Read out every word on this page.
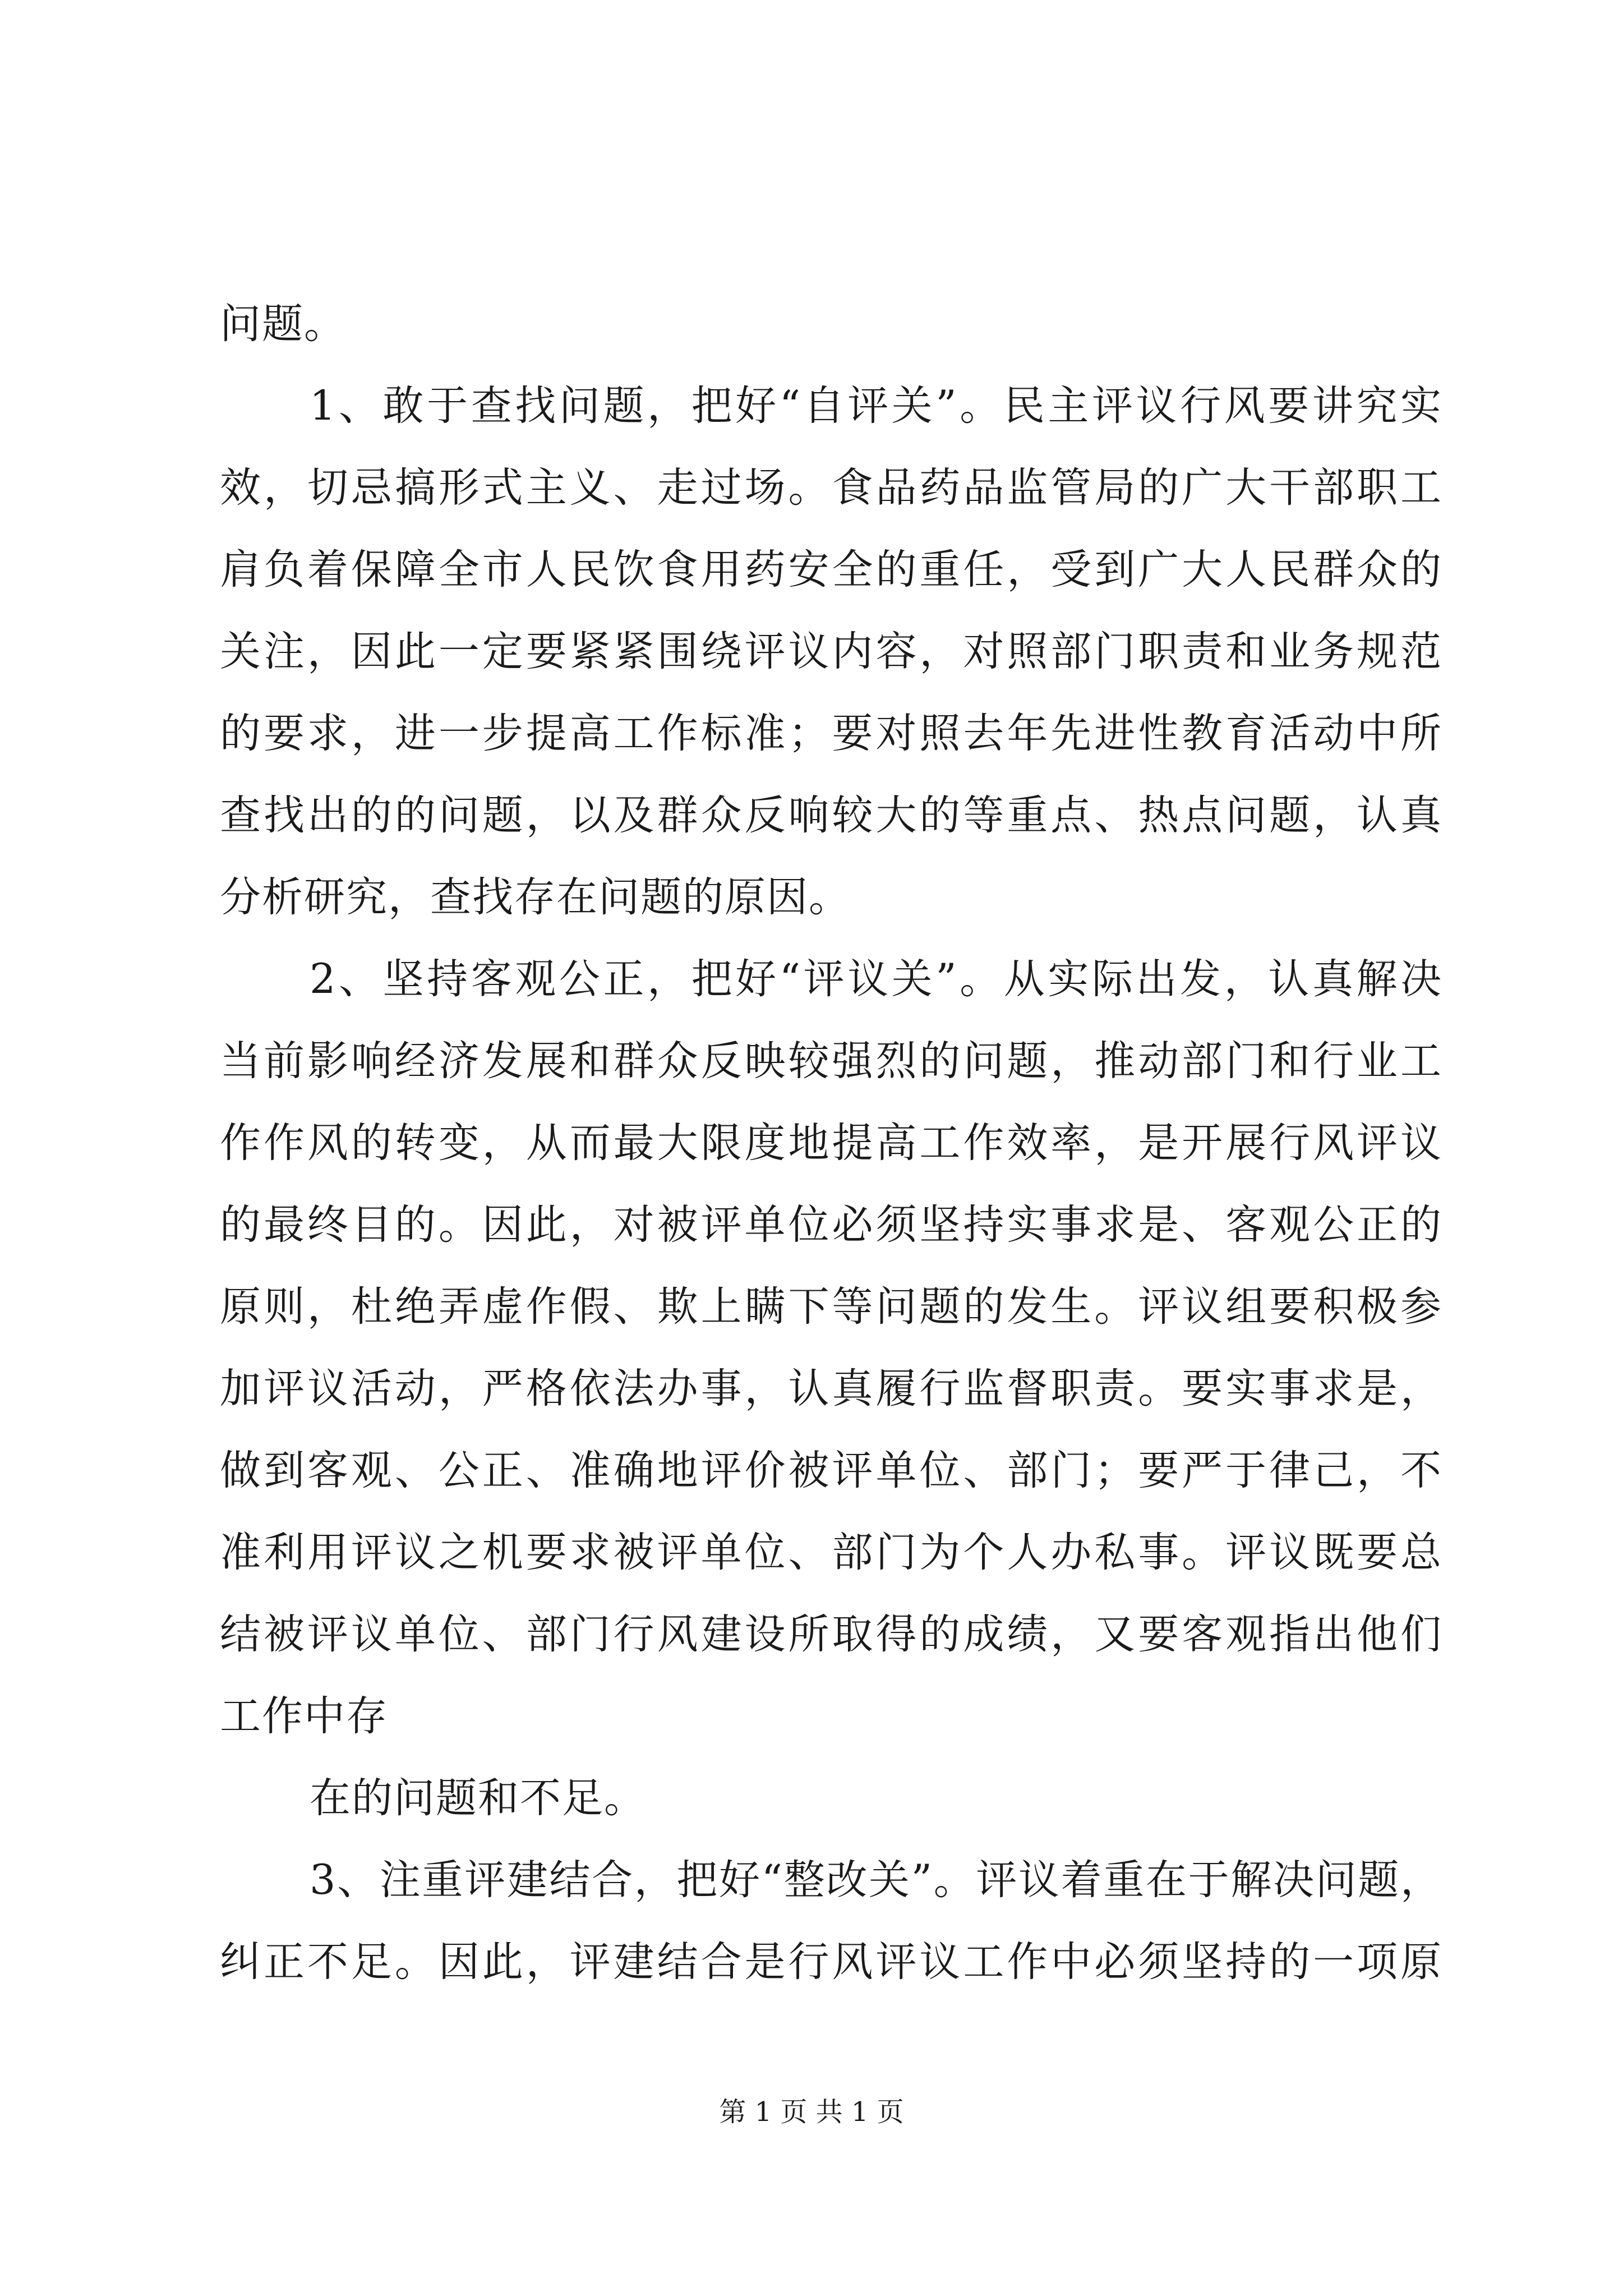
问题。
1、敢于查找问题，把好“自评关”。民主评议行风要讲究实
效，切忌搞形式主义、走过场。食品药品监管局的广大干部职工
肩负着保障全市人民饮食用药安全的重任，受到广大人民群众的
关注，因此一定要紧紧围绕评议内容，对照部门职责和业务规范
的要求，进一步提高工作标准；要对照去年先进性教育活动中所
查找出的的问题，以及群众反响较大的等重点、热点问题，认真
分析研究，查找存在问题的原因。
2、坚持客观公正，把好“评议关”。从实际出发，认真解决
当前影响经济发展和群众反映较强烈的问题，推动部门和行业工
作作风的转变，从而最大限度地提高工作效率，是开展行风评议
的最终目的。因此，对被评单位必须坚持实事求是、客观公正的
原则，杜绝弄虚作假、欺上瞒下等问题的发生。评议组要积极参
加评议活动，严格依法办事，认真履行监督职责。要实事求是，
做到客观、公正、准确地评价被评单位、部门；要严于律己，不
准利用评议之机要求被评单位、部门为个人办私事。评议既要总
结被评议单位、部门行风建设所取得的成绩，又要客观指出他们
工作中存
在的问题和不足。
3、注重评建结合，把好“整改关”。评议着重在于解决问题，
纠正不足。因此，评建结合是行风评议工作中必须坚持的一项原
第 1 页 共 1 页
